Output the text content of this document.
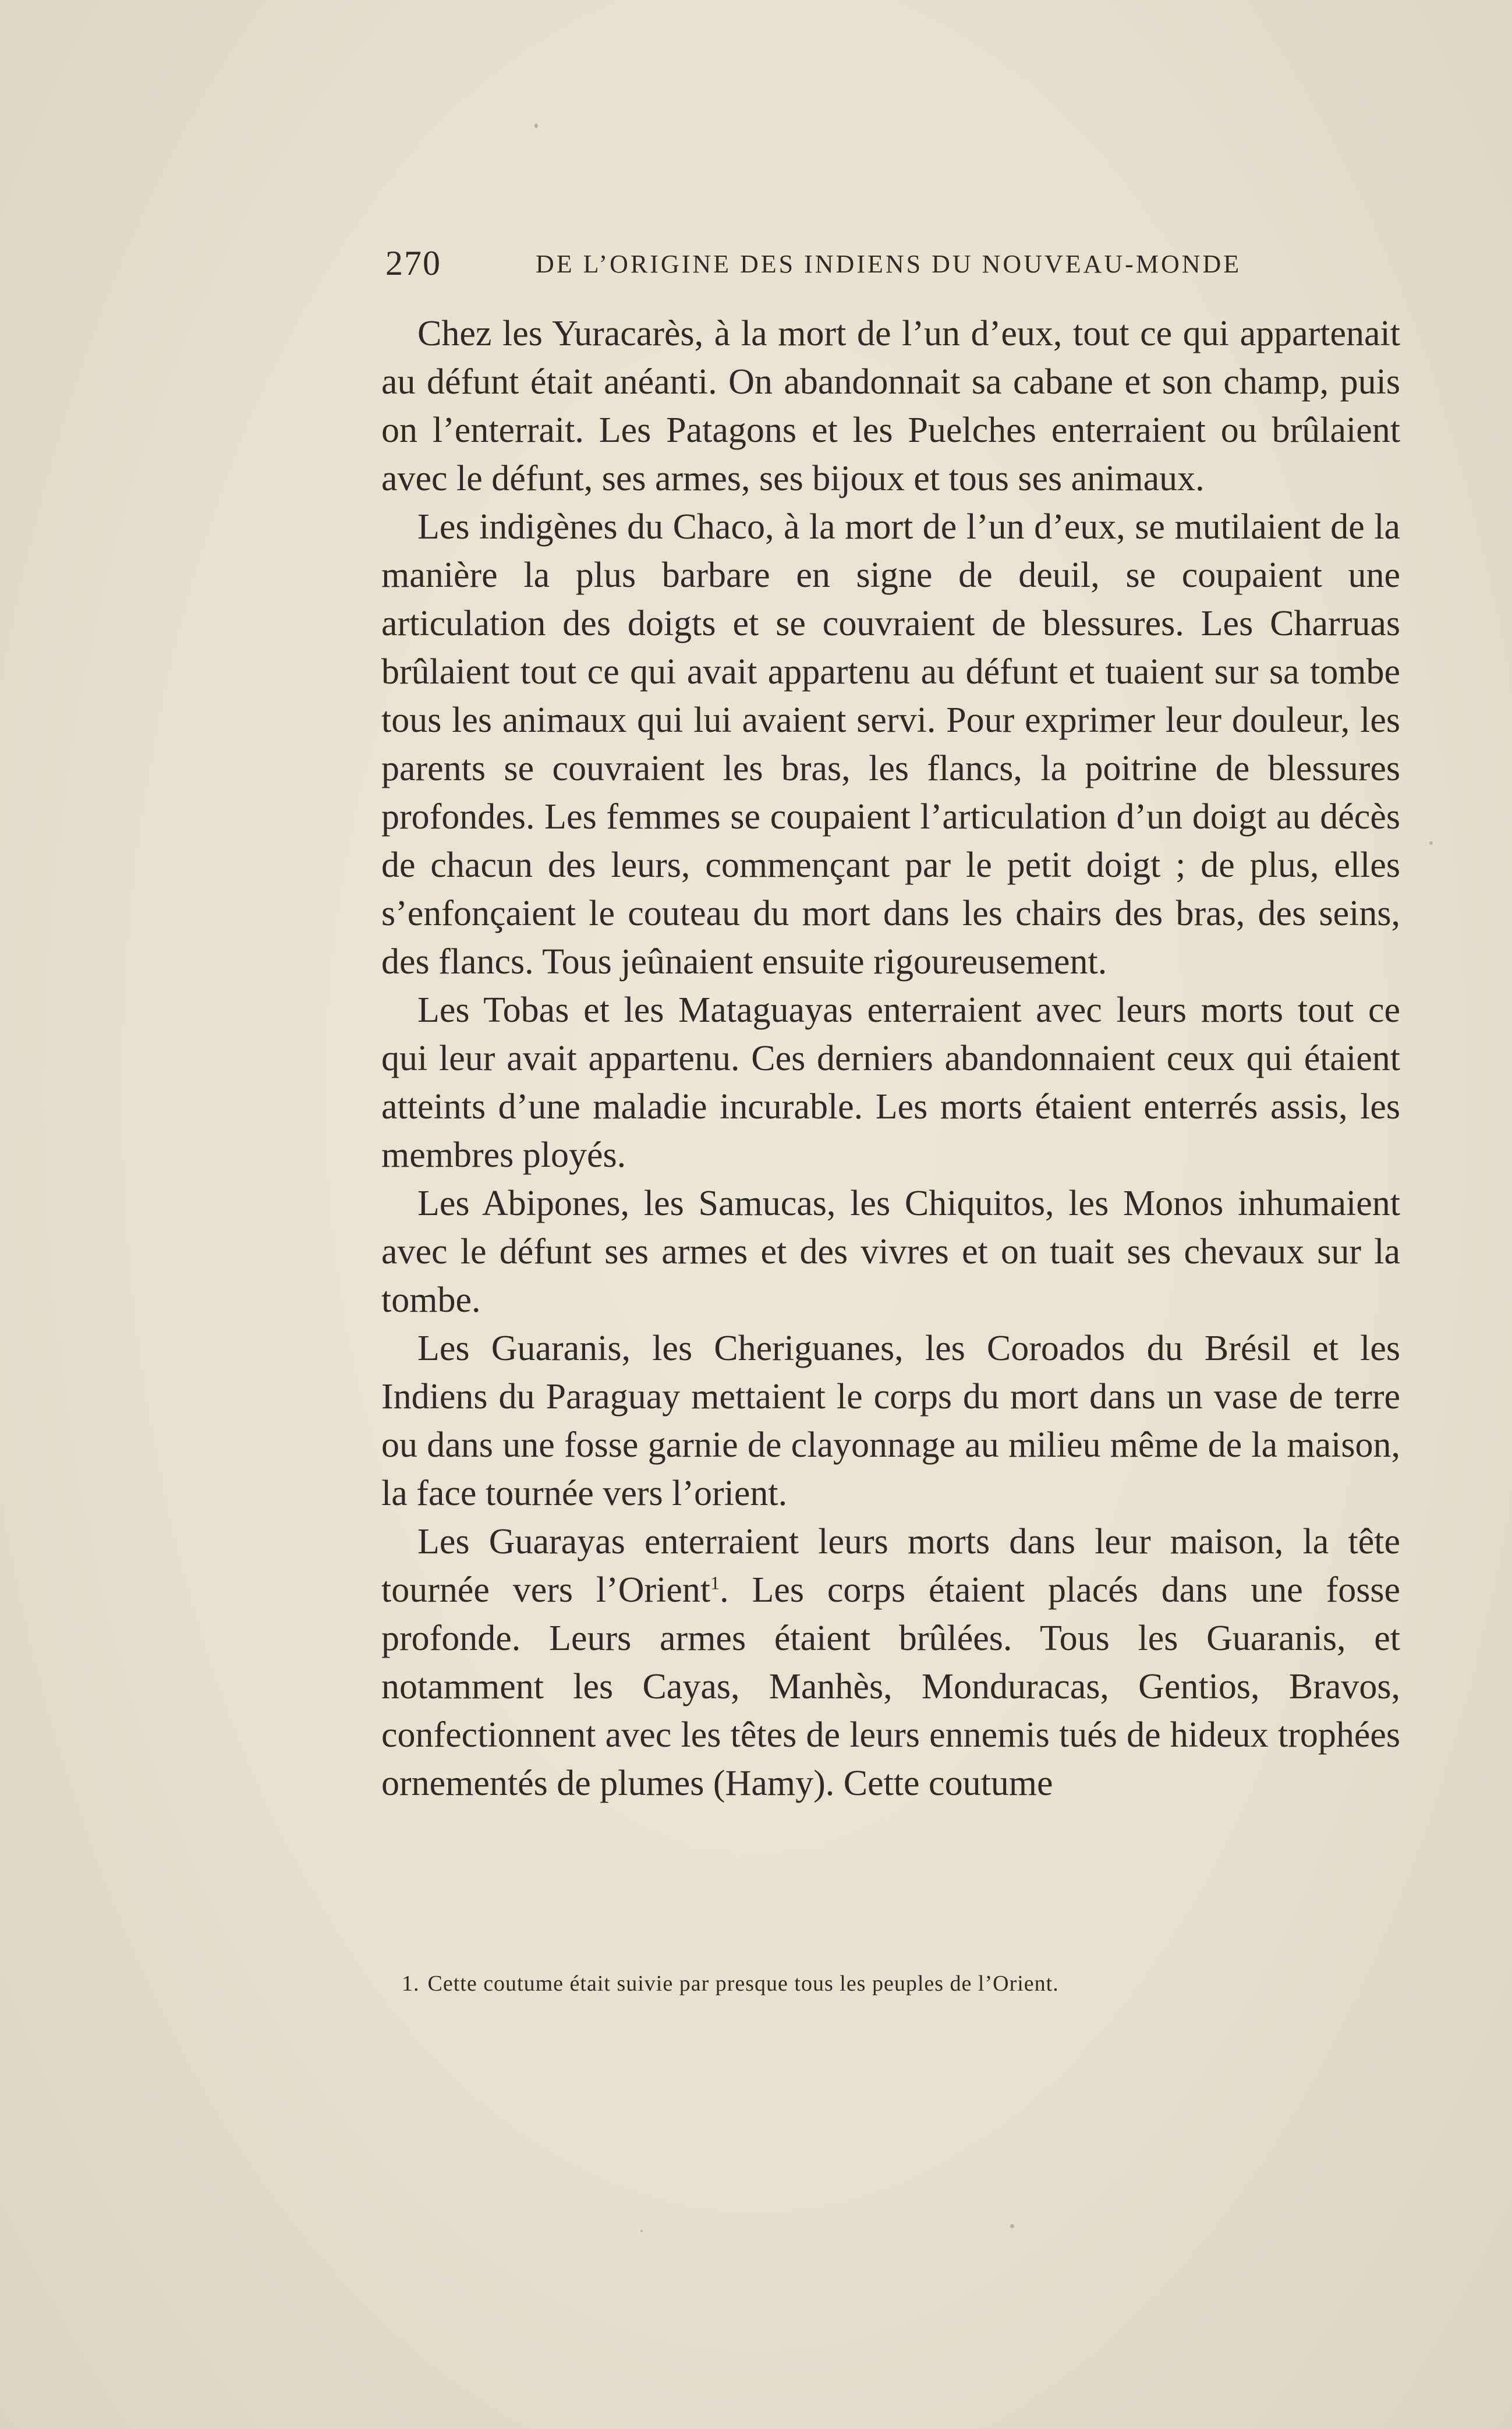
270	DE L’ORIGINE DES INDIENS DU NOUVEAU-MONDE

Chez les Yuracarès, à la mort de l’un d’eux, tout ce qui appartenait au défunt était anéanti. On abandonnait sa cabane et son champ, puis on l’enterrait. Les Patagons et les Puelches enterraient ou brûlaient avec le défunt, ses armes, ses bijoux et tous ses animaux.

Les indigènes du Chaco, à la mort de l’un d’eux, se mutilaient de la manière la plus barbare en signe de deuil, se coupaient une articulation des doigts et se couvraient de blessures. Les Charruas brûlaient tout ce qui avait appartenu au défunt et tuaient sur sa tombe tous les animaux qui lui avaient servi. Pour exprimer leur douleur, les parents se couvraient les bras, les flancs, la poitrine de blessures profondes. Les femmes se coupaient l’articulation d’un doigt au décès de chacun des leurs, commençant par le petit doigt ; de plus, elles s’enfonçaient le couteau du mort dans les chairs des bras, des seins, des flancs. Tous jeûnaient ensuite rigoureusement.

Les Tobas et les Mataguayas enterraient avec leurs morts tout ce qui leur avait appartenu. Ces derniers abandonnaient ceux qui étaient atteints d’une maladie incurable. Les morts étaient enterrés assis, les membres ployés.

Les Abipones, les Samucas, les Chiquitos, les Monos inhumaient avec le défunt ses armes et des vivres et on tuait ses chevaux sur la tombe.

Les Guaranis, les Cheriguanes, les Coroados du Brésil et les Indiens du Paraguay mettaient le corps du mort dans un vase de terre ou dans une fosse garnie de clayonnage au milieu même de la maison, la face tournée vers l’orient.

Les Guarayas enterraient leurs morts dans leur maison, la tête tournée vers l’Orient$^1$. Les corps étaient placés dans une fosse profonde. Leurs armes étaient brûlées. Tous les Guaranis, et notamment les Cayas, Manhès, Monduracas, Gentios, Bravos, confectionnent avec les têtes de leurs ennemis tués de hideux trophées ornementés de plumes (Hamy). Cette coutume

1. Cette coutume était suivie par presque tous les peuples de l’Orient.
